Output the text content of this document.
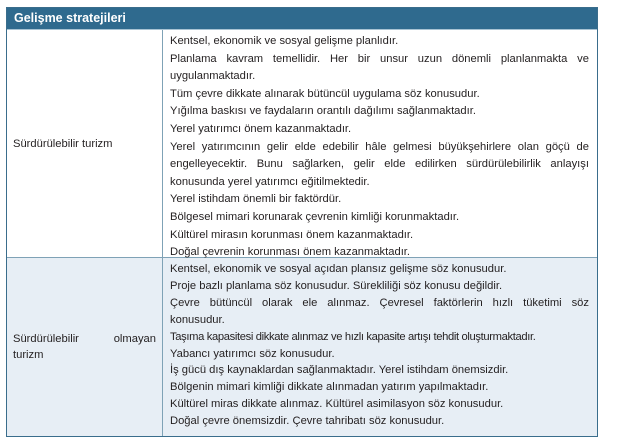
Gelişme stratejileri
Sürdürülebilir turizm
Kentsel, ekonomik ve sosyal gelişme planlıdır.
Planlama kavram temellidir. Her bir unsur uzun dönemli planlanmakta ve
uygulanmaktadır.
Tüm çevre dikkate alınarak bütüncül uygulama söz konusudur.
Yığılma baskısı ve faydaların orantılı dağılımı sağlanmaktadır.
Yerel yatırımcı önem kazanmaktadır.
Yerel yatırımcının gelir elde edebilir hâle gelmesi büyükşehirlere olan göçü de
engelleyecektir. Bunu sağlarken, gelir elde edilirken sürdürülebilirlik anlayışı
konusunda yerel yatırımcı eğitilmektedir.
Yerel istihdam önemli bir faktördür.
Bölgesel mimari korunarak çevrenin kimliği korunmaktadır.
Kültürel mirasın korunması önem kazanmaktadır.
Doğal çevrenin korunması önem kazanmaktadır.
Sürdürülebilir olmayan
turizm
Kentsel, ekonomik ve sosyal açıdan plansız gelişme söz konusudur.
Proje bazlı planlama söz konusudur. Sürekliliği söz konusu değildir.
Çevre bütüncül olarak ele alınmaz. Çevresel faktörlerin hızlı tüketimi söz
konusudur.
Taşıma kapasitesi dikkate alınmaz ve hızlı kapasite artışı tehdit oluşturmaktadır.
Yabancı yatırımcı söz konusudur.
İş gücü dış kaynaklardan sağlanmaktadır. Yerel istihdam önemsizdir.
Bölgenin mimari kimliği dikkate alınmadan yatırım yapılmaktadır.
Kültürel miras dikkate alınmaz. Kültürel asimilasyon söz konusudur.
Doğal çevre önemsizdir. Çevre tahribatı söz konusudur.
